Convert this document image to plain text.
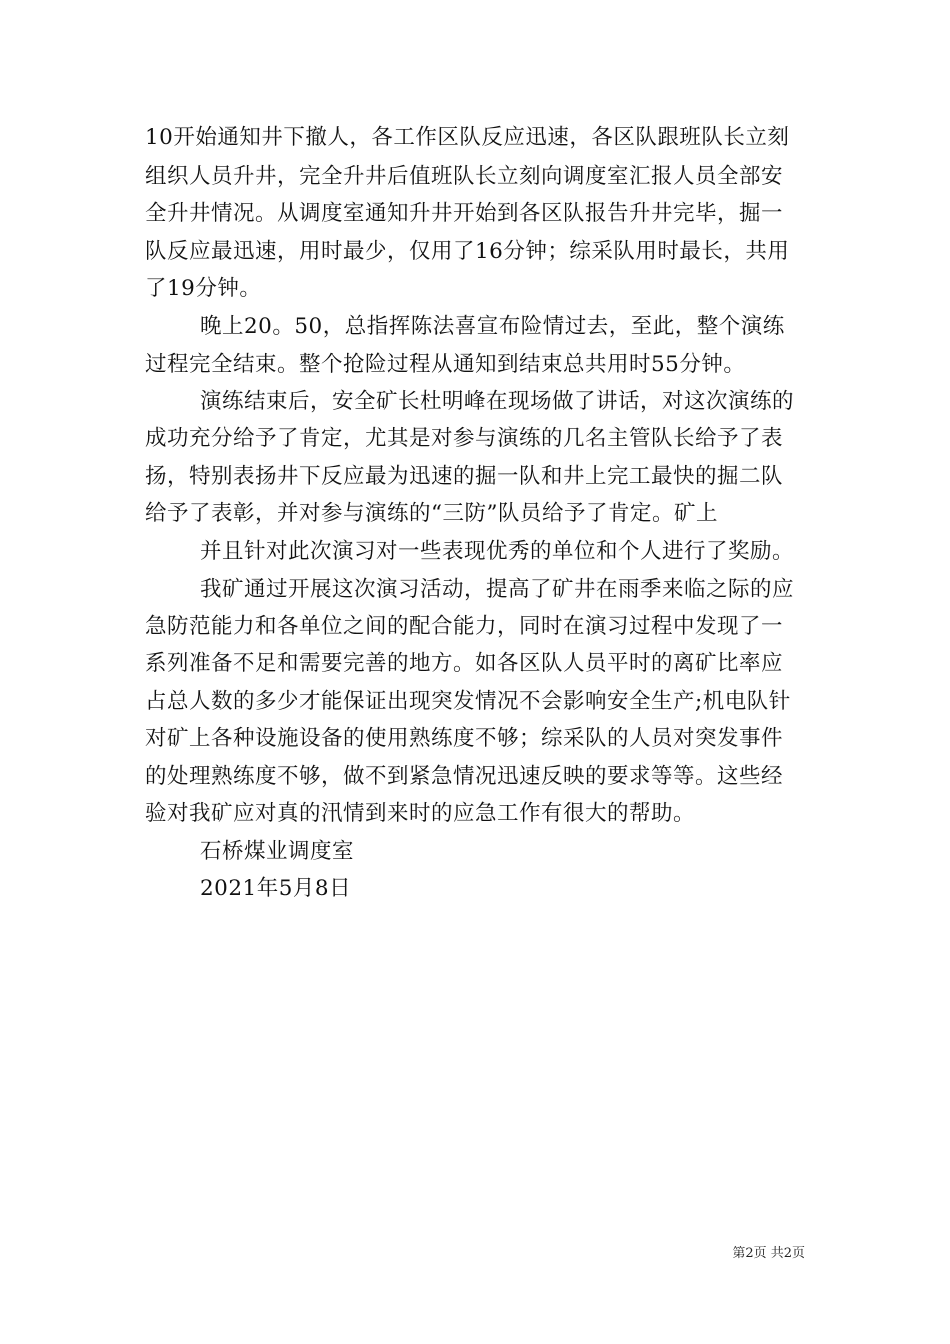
10开始通知井下撤人，各工作区队反应迅速，各区队跟班队长立刻
组织人员升井，完全升井后值班队长立刻向调度室汇报人员全部安
全升井情况。从调度室通知升井开始到各区队报告升井完毕，掘一
队反应最迅速，用时最少，仅用了16分钟；综采队用时最长，共用
了19分钟。
晚上20。50，总指挥陈法喜宣布险情过去，至此，整个演练
过程完全结束。整个抢险过程从通知到结束总共用时55分钟。
演练结束后，安全矿长杜明峰在现场做了讲话，对这次演练的
成功充分给予了肯定，尤其是对参与演练的几名主管队长给予了表
扬，特别表扬井下反应最为迅速的掘一队和井上完工最快的掘二队
给予了表彰，并对参与演练的“三防”队员给予了肯定。矿上
并且针对此次演习对一些表现优秀的单位和个人进行了奖励。
我矿通过开展这次演习活动，提高了矿井在雨季来临之际的应
急防范能力和各单位之间的配合能力，同时在演习过程中发现了一
系列准备不足和需要完善的地方。如各区队人员平时的离矿比率应
占总人数的多少才能保证出现突发情况不会影响安全生产;机电队针
对矿上各种设施设备的使用熟练度不够；综采队的人员对突发事件
的处理熟练度不够，做不到紧急情况迅速反映的要求等等。这些经
验对我矿应对真的汛情到来时的应急工作有很大的帮助。
石桥煤业调度室
2021年5月8日
第2页 共2页
